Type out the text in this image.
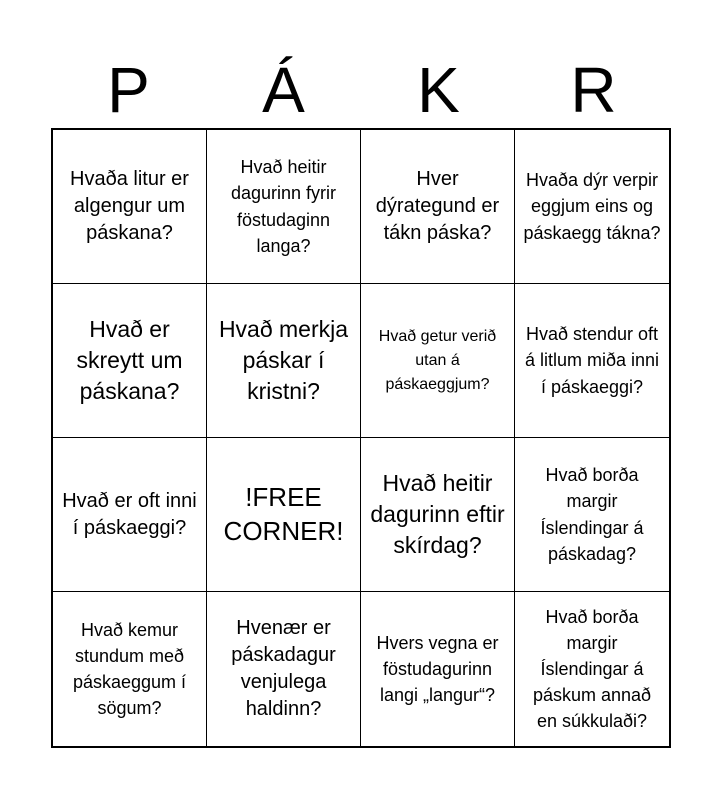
P	Á	K	R
Hvaða litur er algengur um páskana?
Hvað heitir dagurinn fyrir föstudaginn langa?
Hver dýrategund er tákn páska?
Hvaða dýr verpir eggjum eins og páskaegg tákna?
Hvað er skreytt um páskana?
Hvað merkja páskar í kristni?
Hvað getur verið utan á páskaeggjum?
Hvað stendur oft á litlum miða inni í páskaeggi?
Hvað er oft inni í páskaeggi?
!FREE CORNER!
Hvað heitir dagurinn eftir skírdag?
Hvað borða margir Íslendingar á páskadag?
Hvað kemur stundum með páskaeggum í sögum?
Hvenær er páskadagur venjulega haldinn?
Hvers vegna er föstudagurinn langi „langur“?
Hvað borða margir Íslendingar á páskum annað en súkkulaði?
